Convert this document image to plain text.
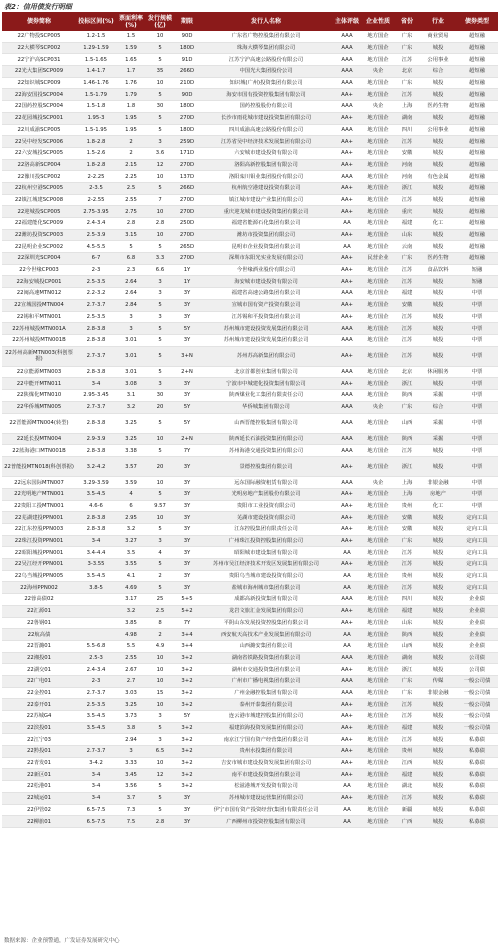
表2：信用债发行明细
债券简称	投标区间(%)	票面利率(%)	发行规模(亿)	期限	发行人名称	主体评级	企业性质	省份	行业	债券类型
22广物投SCP005	1.2-1.5	1.5	10	90D	广东省广物控股集团有限公司	AAA	地方国企	广东	商业贸易	超短融
22大横琴SCP002	1.29-1.59	1.59	5	180D	珠海大横琴集团有限公司	AAA	地方国企	广东	城投	超短融
22宁沪高SCP031	1.5-1.65	1.65	5	91D	江苏宁沪高速公路股份有限公司	AAA	地方国企	江苏	公用事业	超短融
22光大集团SCP009	1.4-1.7	1.7	35	266D	中国光大集团股份公司	AAA	央企	北京	综合	超短融
22知识城SCP009	1.46-1.76	1.76	10	210D	知识城(广州)投资集团有限公司	AAA	地方国企	广东	城投	超短融
22海安国投SCP004	1.5-1.79	1.79	5	90D	海安市国有投资控股集团有限公司	AA+	地方国企	江苏	城投	超短融
22国药控股SCP004	1.5-1.8	1.8	30	180D	国药控股股份有限公司	AAA	央企	上海	医药生物	超短融
22花园城投SCP001	1.95-3	1.95	5	270D	长沙市雨花城市建设投资集团有限公司	AA+	地方国企	湖南	城投	超短融
22川成渝SCP005	1.5-1.95	1.95	5	180D	四川成渝高速公路股份有限公司	AAA	地方国企	四川	公用事业	超短融
22吴中经发SCP006	1.8-2.8	2	3	259D	江苏省吴中经济技术发展集团有限公司	AA+	地方国企	江苏	城投	超短融
22六安城投SCP005	1.5-2.6	2	3.6	171D	六安城市建设投资有限公司	AA+	地方国企	安徽	城投	超短融
22洛高新SCP004	1.8-2.8	2.15	12	270D	洛阳高新控股集团有限公司	AA+	地方国企	河南	城投	超短融
22豫川投SCP002	2-2.25	2.25	10	137D	洛阳栾川钼业集团股份有限公司	AAA	地方国企	河南	有色金属	超短融
22杭州空港SCP005	2-3.5	2.5	5	266D	杭州航空港建设投资有限公司	AA+	地方国企	浙江	城投	超短融
22镇江城建SCP008	2-2.55	2.55	7	270D	镇江城市建设产业集团有限公司	AA+	地方国企	江苏	城投	超短融
22迎城投SCP005	2.75-3.95	2.75	10	270D	重庆迎龙城市建设投资集团有限公司	AA+	地方国企	重庆	城投	超短融
22福建能化SCP009	2.4-3.4	2.8	2.8	250D	福建省能源石化集团有限公司	AA	地方国企	福建	化工	超短融
22潍坊投资SCP003	2.5-3.9	3.15	10	270D	潍坊市投资集团有限公司	AA+	地方国企	山东	城投	超短融
22昆明企业SCP002	4.5-5.5	5	5	265D	昆明市企业投资集团有限公司	AA	地方国企	云南	城投	超短融
22深圳光SCP004	6-7	6.8	3.3	270D	深圳市东阳光实业发展有限公司	AA+	民营企业	广东	医药生物	超短融
22今世缘CP003	2-3	2.3	6.6	1Y	今世缘酒业股份有限公司	AA+	地方国企	江苏	食品饮料	短融
22海安城投CP001	2.5-3.5	2.64	3	1Y	海安城市建设投资有限公司	AA+	地方国企	江苏	城投	短融
22闽高速MTN012	2.2-3.2	2.64	3	3Y	福建省高速公路集团有限公司	AAA	地方国企	福建	城投	中票
22宣城国投MTN004	2.7-3.7	2.84	5	3Y	宣城市国有资产投资有限公司	AA+	地方国企	安徽	城投	中票
22锡和平MTN001	2.5-3.5	3	3	3Y	江苏锡和平投资集团有限公司	AA+	地方国企	江苏	城投	中票
22苏州城投MTN001A	2.8-3.8	3	5	5Y	苏州城市建设投资发展集团有限公司	AAA	地方国企	江苏	城投	中票
22苏州城投MTN001B	2.8-3.8	3.01	5	3Y	苏州城市建设投资发展集团有限公司	AAA	地方国企	江苏	城投	中票
22苏州高新MTN003(科创票据)	2.7-3.7	3.01	5	3+N	苏州苏高新集团有限公司	AA+	地方国企	江苏	城投	中票
22京能源MTN003	2.8-3.8	3.01	5	2+N	北京首都创业集团有限公司	AAA	地方国企	北京	休闲服务	中票
22中能开MTN011	3-4	3.08	3	3Y	宁波市中城建化投资集团有限公司	AA+	地方国企	浙江	城投	中票
22陕煤化MTN010	2.95-3.45	3.1	30	3Y	陕西煤业化工集团有限责任公司	AAA	地方国企	陕西	采掘	中票
22华侨城MTN005	2.7-3.7	3.2	20	5Y	华侨城集团有限公司	AAA	央企	广东	综合	中票
22晋能源MTN004(转型)	2.8-3.8	3.25	5	5Y	山西晋能控股集团有限公司	AAA	地方国企	山西	采掘	中票
22延长投MTN004	2.9-3.9	3.25	10	2+N	陕西延长石油投资集团有限公司	AAA	地方国企	陕西	采掘	中票
22蓝海港口MTN001B	2.8-3.8	3.38	5	7Y	苏州海港交通投资集团有限公司	AAA	地方国企	江苏	城投	中票
22普能投MTN018(科创票据)	3.2-4.2	3.57	20	3Y	景德控股集团有限公司	AA+	地方国企	浙江	城投	中票
22远东国际MTN007	3.29-3.59	3.59	10	3Y	远东国际融资租赁有限公司	AAA	央企	上海	非银金融	中票
22光明地产MTN001	3.5-4.5	4	5	3Y	光明房地产集团股份有限公司	AA+	地方国企	上海	房地产	中票
22贵阳工投MTN001	4.6-6	6	9.57	3Y	贵阳市工业投资有限公司	AA+	地方国企	贵州	化工	中票
22芜湖建投PPN001	2.8-3.8	2.95	10	3Y	芜湖市建设投资有限公司	AA+	地方国企	安徽	城投	定向工具
22江东控股PPN003	2.8-3.8	3.2	5	3Y	江东控股集团有限责任公司	AA+	地方国企	安徽	城投	定向工具
22珠江投资PPN001	3-4	3.27	3	3Y	广州珠江投资控股集团有限公司	AA+	地方国企	广东	城投	定向工具
22昭阳城投PPN001	3.4-4.4	3.5	4	3Y	昭阳城市建设集团有限公司	AA	地方国企	江苏	城投	定向工具
22吴江经开PPN001	3-3.55	3.55	5	3Y	苏州市吴江经济技术开发区发展集团有限公司	AA+	地方国企	江苏	城投	定向工具
22乌当城投PPN005	3.5-4.5	4.1	2	3Y	贵阳乌当城市建设投资有限公司	AA	地方国企	贵州	城投	定向工具
22海州PPN002	3.8-5	4.69	5	3Y	盐城市海州城市集团有限公司	AA	地方国企	江苏	城投	定向工具
22蓉高债02		3.17	25	5+5	成都高新投资集团有限公司	AAA	地方国企	四川	城投	企业债
22汇源01		3.2	2.5	5+2	龙岩文旅汇金发展集团有限公司	AA+	地方国企	福建	城投	企业债
22鲁钢01		3.85	8	7Y	平阴山东发展投资控股集团有限公司	AA+	地方国企	山东	城投	企业债
22航高债		4.98	2	3+4	西安航天高技术产业发展集团有限公司	AA	地方国企	陕西	城投	企业债
22晋潞01	5.5-6.8	5.5	4.9	3+4	山西潞安集团有限公司	AA	地方国企	山西	城投	企业债
22湘投01	2.5-3	2.55	10	3+2	湖南省铁路投资集团有限公司	AAA	地方国企	湖南	城投	公司债
22湖交01	2.4-3.4	2.67	10	3+2	湖州市交通投资集团有限公司	AA+	地方国企	浙江	城投	公司债
22广电01	2-3	2.7	10	3+2	广州市广播电视集团有限公司	AAA	地方国企	广东	传媒	一般公司债
22金控01	2.7-3.7	3.03	15	3+2	广州金融控股集团有限公司	AAA	地方国企	广东	非银金融	一般公司债
22泰开01	2.5-3.5	3.25	10	3+2	泰州开泰集团有限公司	AA+	地方国企	江苏	城投	一般公司债
22苏城G4	3.5-4.5	3.73	3	5Y	连云港市城建控股集团有限公司	AA+	地方国企	江苏	城投	一般公司债
22滨投01	3.5-4.5	3.8	5	3+2	福建滨海投资发展集团有限公司	AA+	地方国企	福建	城投	一般公司债
22江宁03		2.94	3	3+2	南京江宁国有资产经营集团有限公司	AA+	地方国企	江苏	城投	私募债
22黔投01	2.7-3.7	3	6.5	3+2	贵州水投集团有限公司	AA+	地方国企	贵州	城投	私募债
22青发01	3-4.2	3.33	10	3+2	吉安市城市建设投资发展集团有限公司	AA+	地方国企	江西	城投	私募债
22新区01	3-4	3.45	12	3+2	南平市建设投资集团有限公司	AA+	地方国企	福建	城投	私募债
22松港01	3-4	3.56	5	3+2	松滋港城开发投资有限公司	AA	地方国企	湖北	城投	私募债
22城运01	3-4	3.7	5	3Y	苏州城市建设运营集团有限公司	AA+	地方国企	江苏	城投	私募债
22伊管02	6.5-7.5	7.3	5	3Y	伊宁市国有资产投资经营(集团)有限责任公司	AA	地方国企	新疆	城投	私募债
22柳旅01	6.5-7.5	7.5	2.8	3Y	广西柳州市投资控股集团有限公司	AA	地方国企	广西	城投	私募债
数据来源：企业预警通，广发证券发展研究中心
